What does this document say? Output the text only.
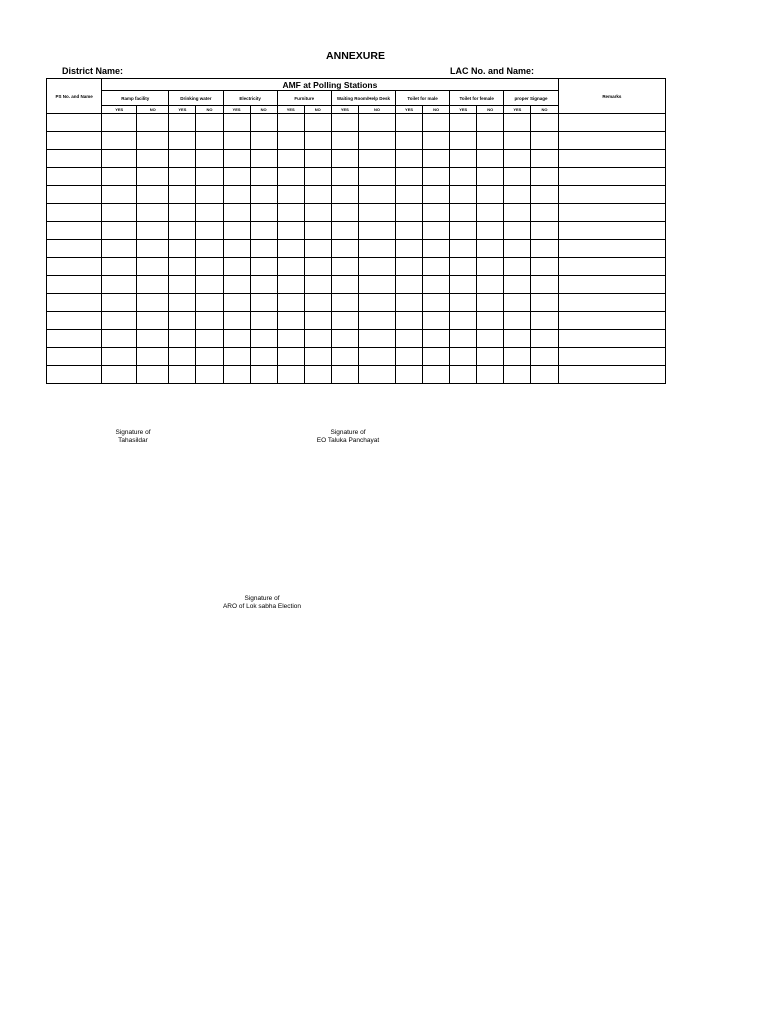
ANNEXURE
District Name:	LAC No. and Name:
PS No. and Name	AMF at Polling Stations																Remarks
	Ramp facility		Drinking water		Electricity		Furniture		Waiting Room/Help Desk		Toilet for male		Toilet for female		proper Signage		
	YES	NO	YES	NO	YES	NO	YES	NO	YES	NO	YES	NO	YES	NO	YES	NO	

Signature of
Tahasildar
Signature of
EO Taluka Panchayat
Signature of
ARO of Lok sabha Election
